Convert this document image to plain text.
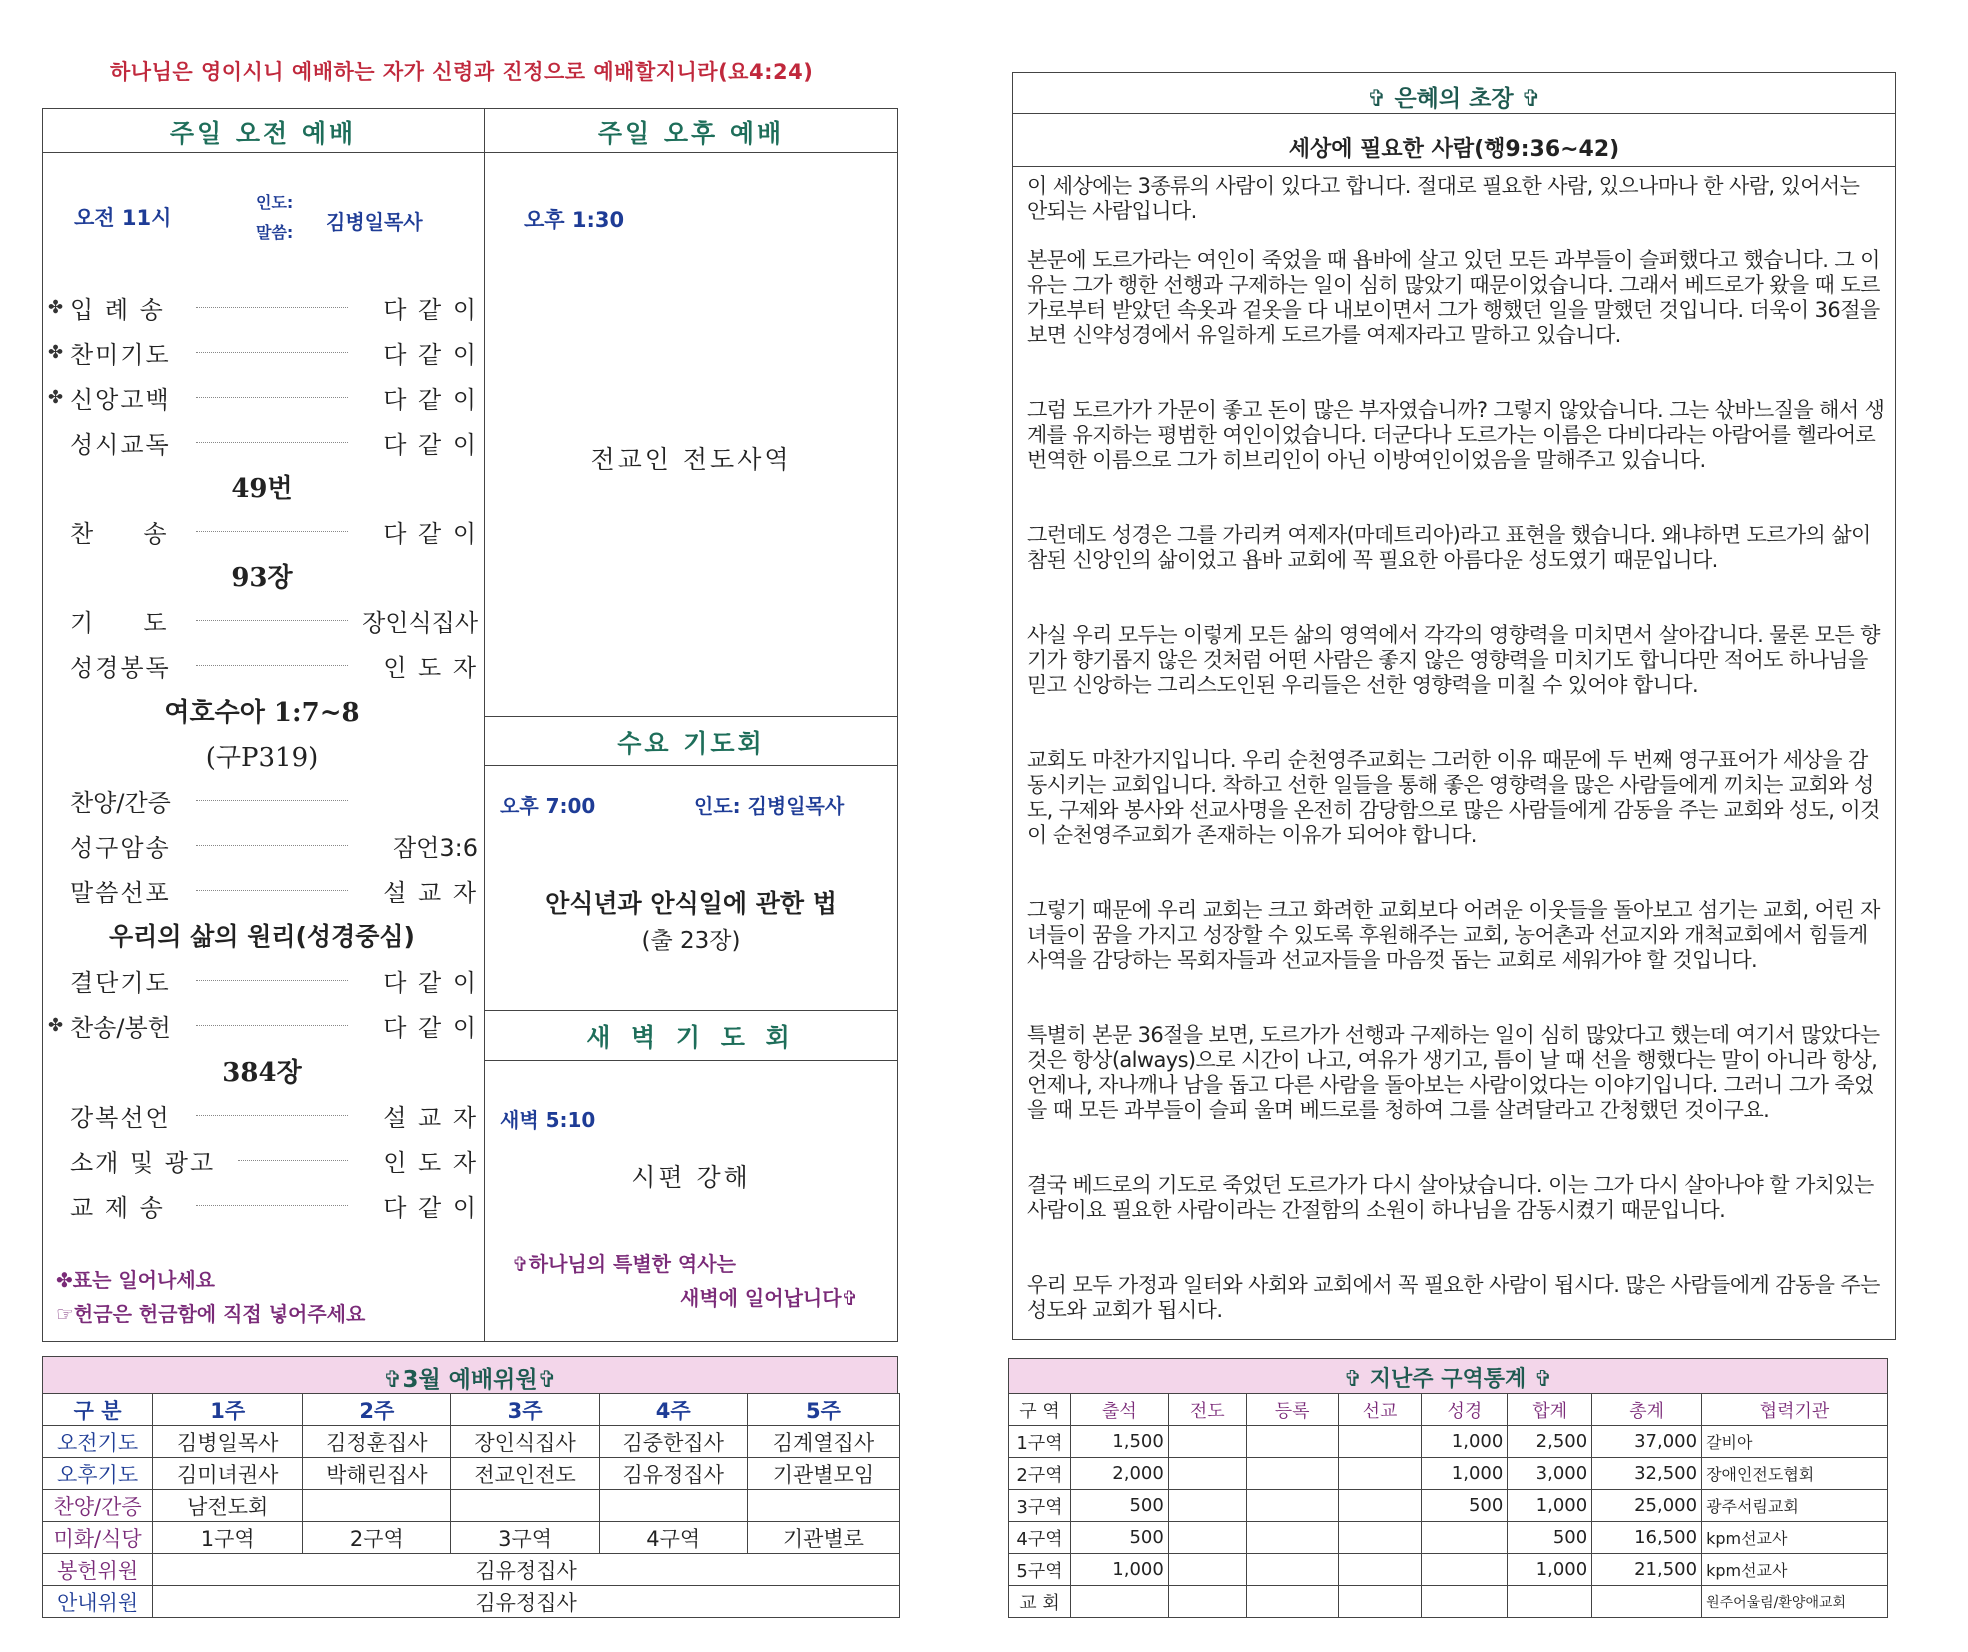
하나님은 영이시니 예배하는 자가 신령과 진정으로 예배할지니라(요4:24)
주일 오전 예배
오전 11시
인도:
말씀: 김병일목사
✤ 입 례 송	다 같 이
✤ 찬미기도	다 같 이
✤ 신앙고백	다 같 이
성시교독	다 같 이
49번
찬     송	다 같 이
93장
기     도	장인식집사
성경봉독	인 도 자
여호수아 1:7~8
(구P319)
찬양/간증
성구암송	잠언3:6
말씀선포	설 교 자
우리의 삶의 원리(성경중심)
결단기도	다 같 이
✤ 찬송/봉헌	다 같 이
384장
강복선언	설 교 자
소개 및 광고	인 도 자
교 제 송	다 같 이
✤표는 일어나세요
☞헌금은 헌금함에 직접 넣어주세요
주일 오후 예배
오후 1:30
전교인 전도사역
수요 기도회
오후 7:00	인도: 김병일목사
안식년과 안식일에 관한 법
(출 23장)
새 벽 기 도 회
새벽 5:10
시편 강해
✞하나님의 특별한 역사는
새벽에 일어납니다✞
✞3월 예배위원✞
구 분	1주	2주	3주	4주	5주
오전기도	김병일목사	김정훈집사	장인식집사	김중한집사	김계열집사
오후기도	김미녀권사	박해린집사	전교인전도	김유정집사	기관별모임
찬양/간증	남전도회				
미화/식당	1구역	2구역	3구역	4구역	기관별로
봉헌위원	김유정집사				
안내위원	김유정집사				
✞ 은혜의 초장 ✞
세상에 필요한 사람(행9:36~42)

이 세상에는 3종류의 사람이 있다고 합니다. 절대로 필요한 사람, 있으나마나 한 사람, 있어서는 안되는 사람입니다.

본문에 도르가라는 여인이 죽었을 때 욥바에 살고 있던 모든 과부들이 슬퍼했다고 했습니다. 그 이유는 그가 행한 선행과 구제하는 일이 심히 많았기 때문이었습니다. 그래서 베드로가 왔을 때 도르가로부터 받았던 속옷과 겉옷을 다 내보이면서 그가 행했던 일을 말했던 것입니다. 더욱이 36절을 보면 신약성경에서 유일하게 도르가를 여제자라고 말하고 있습니다.

그럼 도르가가 가문이 좋고 돈이 많은 부자였습니까? 그렇지 않았습니다. 그는 삯바느질을 해서 생계를 유지하는 평범한 여인이었습니다. 더군다나 도르가는 이름은 다비다라는 아람어를 헬라어로 번역한 이름으로 그가 히브리인이 아닌 이방여인이었음을 말해주고 있습니다.

그런데도 성경은 그를 가리켜 여제자(마데트리아)라고 표현을 했습니다. 왜냐하면 도르가의 삶이 참된 신앙인의 삶이었고 욥바 교회에 꼭 필요한 아름다운 성도였기 때문입니다.

사실 우리 모두는 이렇게 모든 삶의 영역에서 각각의 영향력을 미치면서 살아갑니다. 물론 모든 향기가 향기롭지 않은 것처럼 어떤 사람은 좋지 않은 영향력을 미치기도 합니다만 적어도 하나님을 믿고 신앙하는 그리스도인된 우리들은 선한 영향력을 미칠 수 있어야 합니다.

교회도 마찬가지입니다. 우리 순천영주교회는 그러한 이유 때문에 두 번째 영구표어가 세상을 감동시키는 교회입니다. 착하고 선한 일들을 통해 좋은 영향력을 많은 사람들에게 끼치는 교회와 성도, 구제와 봉사와 선교사명을 온전히 감당함으로 많은 사람들에게 감동을 주는 교회와 성도, 이것이 순천영주교회가 존재하는 이유가 되어야 합니다.

그렇기 때문에 우리 교회는 크고 화려한 교회보다 어려운 이웃들을 돌아보고 섬기는 교회, 어린 자녀들이 꿈을 가지고 성장할 수 있도록 후원해주는 교회, 농어촌과 선교지와 개척교회에서 힘들게 사역을 감당하는 목회자들과 선교자들을 마음껏 돕는 교회로 세워가야 할 것입니다.

특별히 본문 36절을 보면, 도르가가 선행과 구제하는 일이 심히 많았다고 했는데 여기서 많았다는 것은 항상(always)으로 시간이 나고, 여유가 생기고, 틈이 날 때 선을 행했다는 말이 아니라 항상, 언제나, 자나깨나 남을 돕고 다른 사람을 돌아보는 사람이었다는 이야기입니다. 그러니 그가 죽었을 때 모든 과부들이 슬피 울며 베드로를 청하여 그를 살려달라고 간청했던 것이구요.

결국 베드로의 기도로 죽었던 도르가가 다시 살아났습니다. 이는 그가 다시 살아나야 할 가치있는 사람이요 필요한 사람이라는 간절함의 소원이 하나님을 감동시켰기 때문입니다.

우리 모두 가정과 일터와 사회와 교회에서 꼭 필요한 사람이 됩시다. 많은 사람들에게 감동을 주는 성도와 교회가 됩시다.

✞ 지난주 구역통계 ✞
구 역	출석	전도	등록	선교	성경	합계	총계	협력기관
1구역	1,500				1,000	2,500	37,000	갈비아
2구역	2,000				1,000	3,000	32,500	장애인전도협회
3구역	500				500	1,000	25,000	광주서림교회
4구역	500					500	16,500	kpm선교사
5구역	1,000					1,000	21,500	kpm선교사
교 회								원주어울림/환양애교회
